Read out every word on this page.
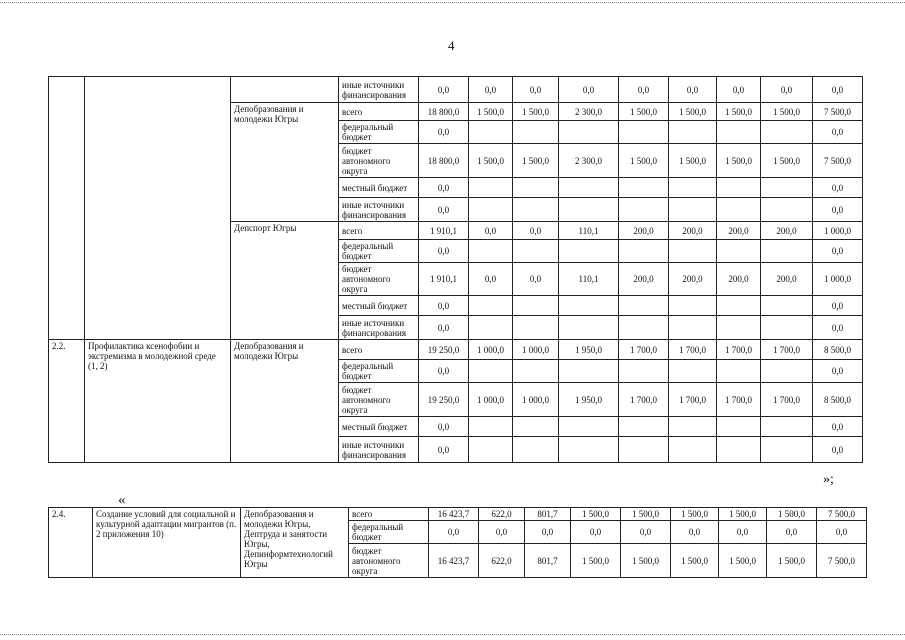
4
			иные источники финансирования	0,0	0,0	0,0	0,0	0,0	0,0	0,0	0,0	0,0
		Депобразования и молодежи Югры	всего	18 800,0	1 500,0	1 500,0	2 300,0	1 500,0	1 500,0	1 500,0	1 500,0	7 500,0
			федеральный бюджет	0,0								0,0
			бюджет автономного округа	18 800,0	1 500,0	1 500,0	2 300,0	1 500,0	1 500,0	1 500,0	1 500,0	7 500,0
			местный бюджет	0,0								0,0
			иные источники финансирования	0,0								0,0
		Депспорт Югры	всего	1 910,1	0,0	0,0	110,1	200,0	200,0	200,0	200,0	1 000,0
			федеральный бюджет	0,0								0,0
			бюджет автономного округа	1 910,1	0,0	0,0	110,1	200,0	200,0	200,0	200,0	1 000,0
			местный бюджет	0,0								0,0
			иные источники финансирования	0,0								0,0
2.2.	Профилактика ксенофобии и экстремизма в молодежной среде (1, 2)	Депобразования и молодежи Югры	всего	19 250,0	1 000,0	1 000,0	1 950,0	1 700,0	1 700,0	1 700,0	1 700,0	8 500,0
			федеральный бюджет	0,0								0,0
			бюджет автономного округа	19 250,0	1 000,0	1 000,0	1 950,0	1 700,0	1 700,0	1 700,0	1 700,0	8 500,0
			местный бюджет	0,0								0,0
			иные источники финансирования	0,0								0,0
»;
«
2.4.	Создание условий для социальной и культурной адаптации мигрантов (п. 2 приложения 10)	Депобразования и молодежи Югры, Дептруда и занятости Югры, Депинформтехнологий Югры	всего	16 423,7	622,0	801,7	1 500,0	1 500,0	1 500,0	1 500,0	1 500,0	7 500,0
			федеральный бюджет	0,0	0,0	0,0	0,0	0,0	0,0	0,0	0,0	0,0
			бюджет автономного округа	16 423,7	622,0	801,7	1 500,0	1 500,0	1 500,0	1 500,0	1 500,0	7 500,0
